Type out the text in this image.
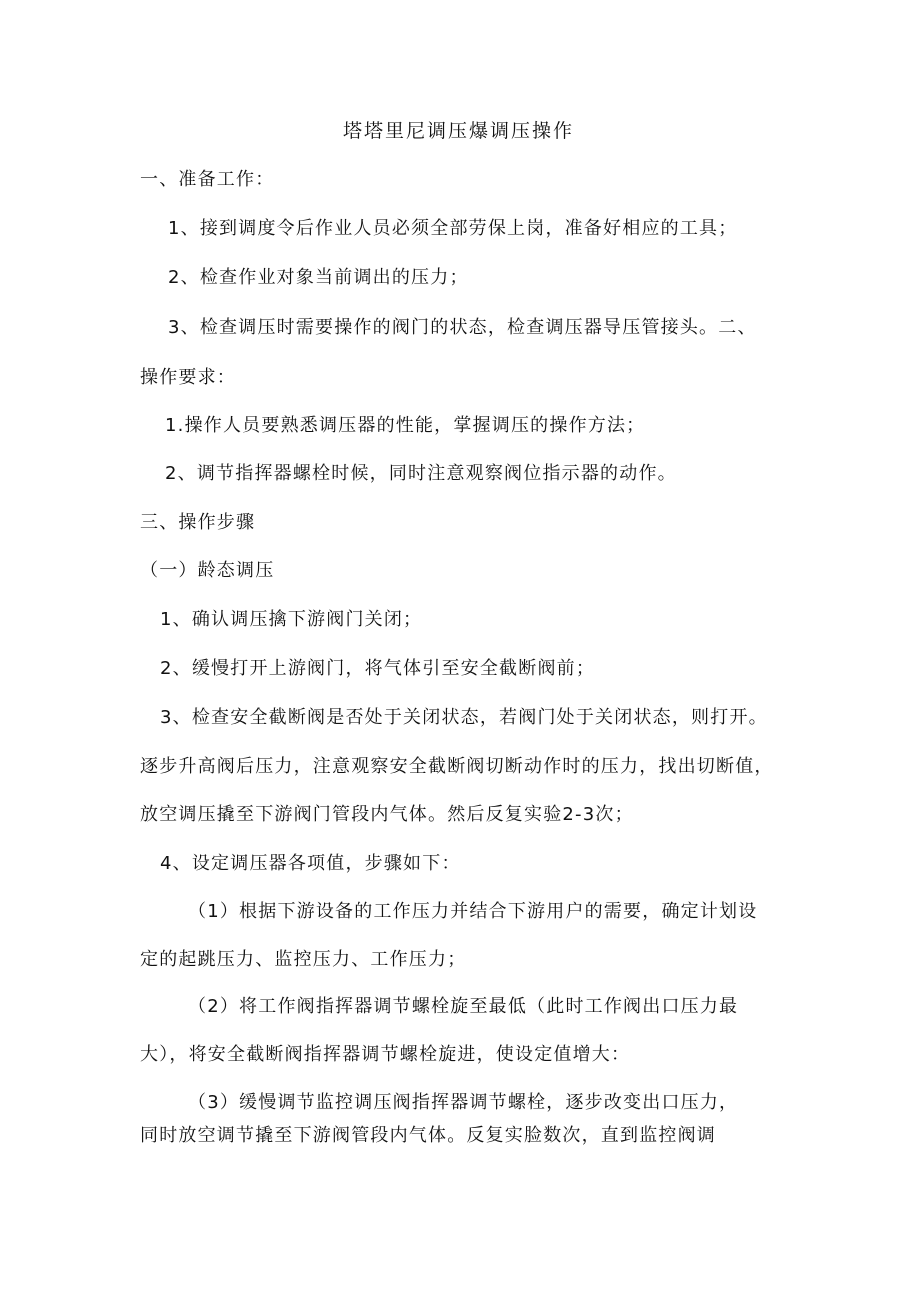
塔塔里尼调压爆调压操作
一、准备工作：
1、接到调度令后作业人员必须全部劳保上岗，准备好相应的工具；
2、检查作业对象当前调出的压力；
3、检查调压时需要操作的阀门的状态，检查调压器导压管接头。二、
操作要求：
1.操作人员要熟悉调压器的性能，掌握调压的操作方法；
2、调节指挥器螺栓时候，同时注意观察阀位指示器的动作。
三、操作步骤
（一）龄态调压
1、确认调压擒下游阀门关闭；
2、缓慢打开上游阀门，将气体引至安全截断阀前；
3、检查安全截断阀是否处于关闭状态，若阀门处于关闭状态，则打开。
逐步升高阀后压力，注意观察安全截断阀切断动作时的压力，找出切断值，
放空调压撬至下游阀门管段内气体。然后反复实验2-3次；
4、设定调压器各项值，步骤如下：
（1）根据下游设备的工作压力并结合下游用户的需要，确定计划设
定的起跳压力、监控压力、工作压力；
（2）将工作阀指挥器调节螺栓旋至最低（此时工作阀出口压力最
大），将安全截断阀指挥器调节螺栓旋进，使设定值增大：
（3）缓慢调节监控调压阀指挥器调节螺栓，逐步改变出口压力，
同时放空调节撬至下游阀管段内气体。反复实脸数次，直到监控阀调
